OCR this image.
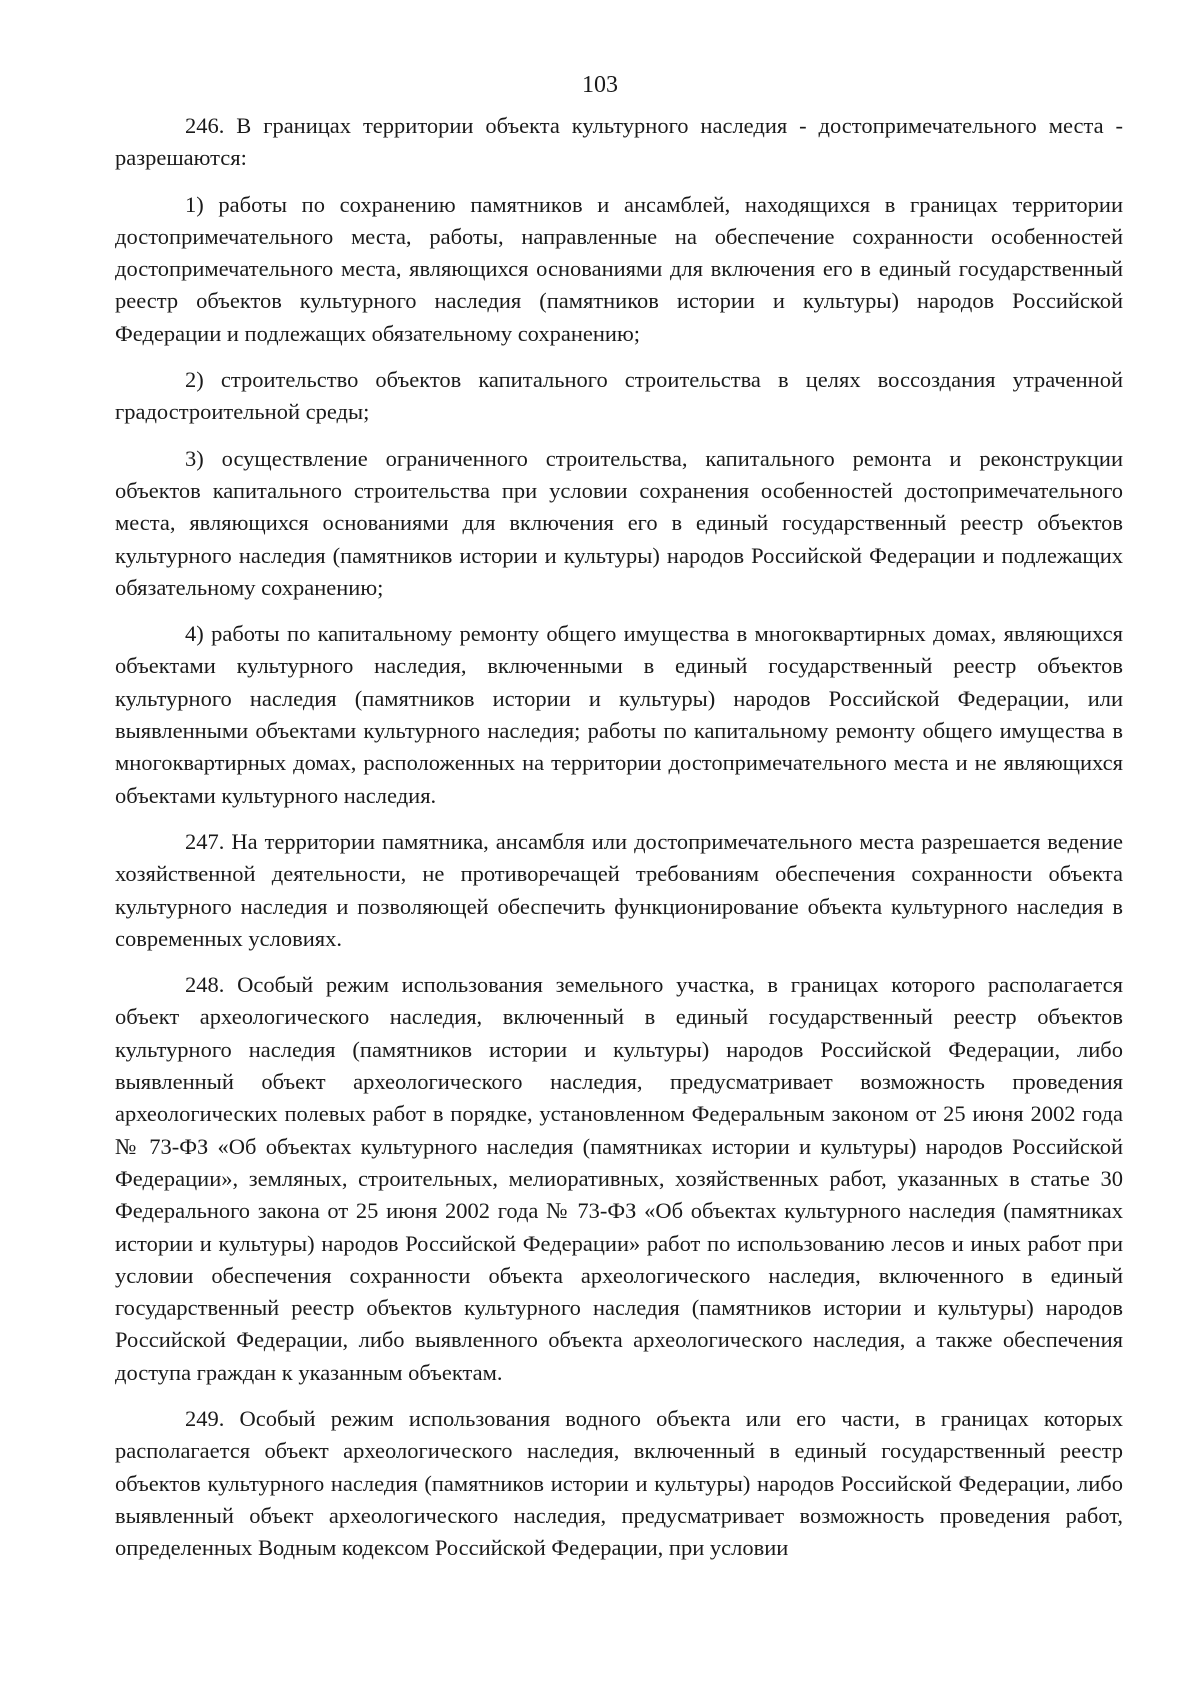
103

246. В границах территории объекта культурного наследия - достопримечательного места - разрешаются:

1) работы по сохранению памятников и ансамблей, находящихся в границах территории достопримечательного места, работы, направленные на обеспечение сохранности особенностей достопримечательного места, являющихся основаниями для включения его в единый государственный реестр объектов культурного наследия (памятников истории и культуры) народов Российской Федерации и подлежащих обязательному сохранению;

2) строительство объектов капитального строительства в целях воссоздания утраченной градостроительной среды;

3) осуществление ограниченного строительства, капитального ремонта и реконструкции объектов капитального строительства при условии сохранения особенностей достопримечательного места, являющихся основаниями для включения его в единый государственный реестр объектов культурного наследия (памятников истории и культуры) народов Российской Федерации и подлежащих обязательному сохранению;

4) работы по капитальному ремонту общего имущества в многоквартирных домах, являющихся объектами культурного наследия, включенными в единый государственный реестр объектов культурного наследия (памятников истории и культуры) народов Российской Федерации, или выявленными объектами культурного наследия; работы по капитальному ремонту общего имущества в многоквартирных домах, расположенных на территории достопримечательного места и не являющихся объектами культурного наследия.

247. На территории памятника, ансамбля или достопримечательного места разрешается ведение хозяйственной деятельности, не противоречащей требованиям обеспечения сохранности объекта культурного наследия и позволяющей обеспечить функционирование объекта культурного наследия в современных условиях.

248. Особый режим использования земельного участка, в границах которого располагается объект археологического наследия, включенный в единый государственный реестр объектов культурного наследия (памятников истории и культуры) народов Российской Федерации, либо выявленный объект археологического наследия, предусматривает возможность проведения археологических полевых работ в порядке, установленном Федеральным законом от 25 июня 2002 года № 73-ФЗ «Об объектах культурного наследия (памятниках истории и культуры) народов Российской Федерации», земляных, строительных, мелиоративных, хозяйственных работ, указанных в статье 30 Федерального закона от 25 июня 2002 года № 73-ФЗ «Об объектах культурного наследия (памятниках истории и культуры) народов Российской Федерации» работ по использованию лесов и иных работ при условии обеспечения сохранности объекта археологического наследия, включенного в единый государственный реестр объектов культурного наследия (памятников истории и культуры) народов Российской Федерации, либо выявленного объекта археологического наследия, а также обеспечения доступа граждан к указанным объектам.

249. Особый режим использования водного объекта или его части, в границах которых располагается объект археологического наследия, включенный в единый государственный реестр объектов культурного наследия (памятников истории и культуры) народов Российской Федерации, либо выявленный объект археологического наследия, предусматривает возможность проведения работ, определенных Водным кодексом Российской Федерации, при условии
